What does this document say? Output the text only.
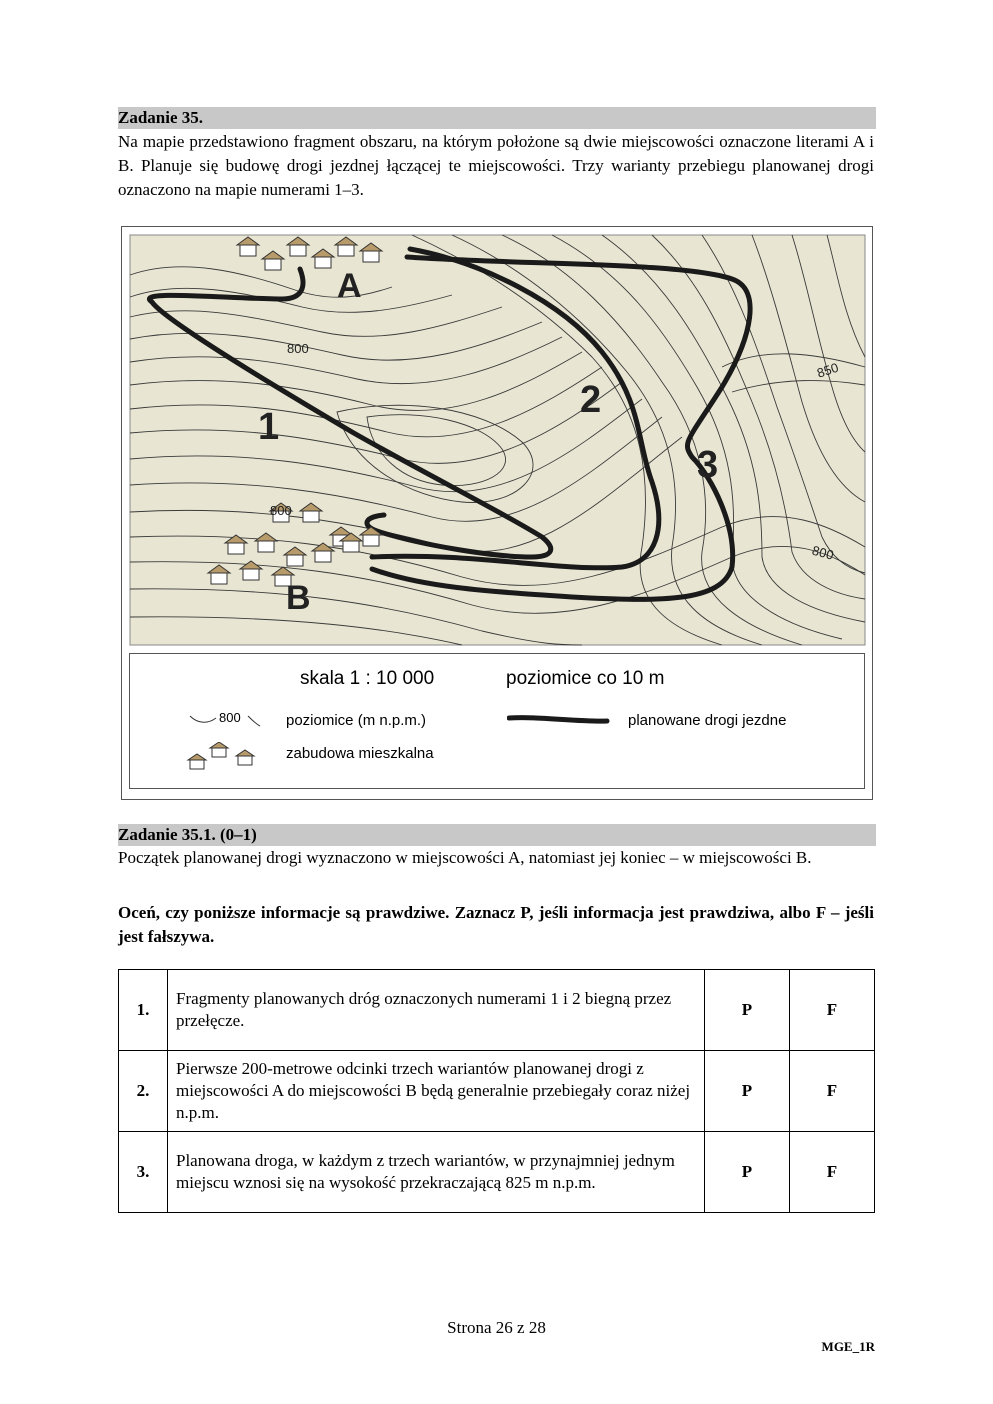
Zadanie 35.
Na mapie przedstawiono fragment obszaru, na którym położone są dwie miejscowości oznaczone literami A i B. Planuje się budowę drogi jezdnej łączącej te miejscowości. Trzy warianty przebiegu planowanej drogi oznaczono na mapie numerami 1–3.
A
B
1
2
3
800
800
850
800
skala 1 : 10 000	poziomice co 10 m
800	poziomice (m n.p.m.)	planowane drogi jezdne
zabudowa mieszkalna
Zadanie 35.1. (0–1)
Początek planowanej drogi wyznaczono w miejscowości A, natomiast jej koniec – w miejscowości B.
Oceń, czy poniższe informacje są prawdziwe. Zaznacz P, jeśli informacja jest prawdziwa, albo F – jeśli jest fałszywa.
1.	Fragmenty planowanych dróg oznaczonych numerami 1 i 2 biegną przez przełęcze.	P	F
2.	Pierwsze 200-metrowe odcinki trzech wariantów planowanej drogi z miejscowości A do miejscowości B będą generalnie przebiegały coraz niżej n.p.m.	P	F
3.	Planowana droga, w każdym z trzech wariantów, w przynajmniej jednym miejscu wznosi się na wysokość przekraczającą 825 m n.p.m.	P	F
Strona 26 z 28
MGE_1R
